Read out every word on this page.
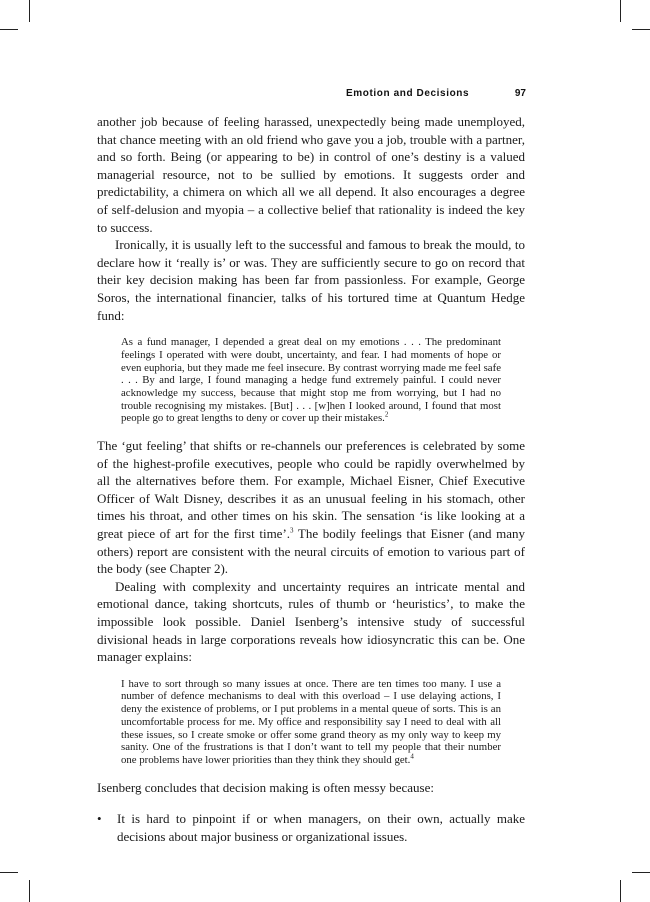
Emotion and Decisions	97

another job because of feeling harassed, unexpectedly being made unemployed, that chance meeting with an old friend who gave you a job, trouble with a partner, and so forth. Being (or appearing to be) in control of one’s destiny is a valued managerial resource, not to be sullied by emotions. It suggests order and predictability, a chimera on which all we all depend. It also encourages a degree of self-delusion and myopia – a collective belief that rationality is indeed the key to success.

Ironically, it is usually left to the successful and famous to break the mould, to declare how it ‘really is’ or was. They are sufficiently secure to go on record that their key decision making has been far from passionless. For example, George Soros, the international financier, talks of his tortured time at Quantum Hedge fund:

As a fund manager, I depended a great deal on my emotions . . . The predominant feelings I operated with were doubt, uncertainty, and fear. I had moments of hope or even euphoria, but they made me feel insecure. By contrast worrying made me feel safe . . . By and large, I found managing a hedge fund extremely painful. I could never acknowledge my success, because that might stop me from worrying, but I had no trouble recognising my mistakes. [But] . . . [w]hen I looked around, I found that most people go to great lengths to deny or cover up their mistakes.$^2$

The ‘gut feeling’ that shifts or re-channels our preferences is celebrated by some of the highest-profile executives, people who could be rapidly overwhelmed by all the alternatives before them. For example, Michael Eisner, Chief Executive Officer of Walt Disney, describes it as an unusual feeling in his stomach, other times his throat, and other times on his skin. The sensation ‘is like looking at a great piece of art for the first time’.$^3$ The bodily feelings that Eisner (and many others) report are consistent with the neural circuits of emotion to various part of the body (see Chapter 2).

Dealing with complexity and uncertainty requires an intricate mental and emotional dance, taking shortcuts, rules of thumb or ‘heuristics’, to make the impossible look possible. Daniel Isenberg’s intensive study of successful divisional heads in large corporations reveals how idiosyncratic this can be. One manager explains:

I have to sort through so many issues at once. There are ten times too many. I use a number of defence mechanisms to deal with this overload – I use delaying actions, I deny the existence of problems, or I put problems in a mental queue of sorts. This is an uncomfortable process for me. My office and responsibility say I need to deal with all these issues, so I create smoke or offer some grand theory as my only way to keep my sanity. One of the frustrations is that I don’t want to tell my people that their number one problems have lower priorities than they think they should get.$^4$

Isenberg concludes that decision making is often messy because:

• It is hard to pinpoint if or when managers, on their own, actually make decisions about major business or organizational issues.
